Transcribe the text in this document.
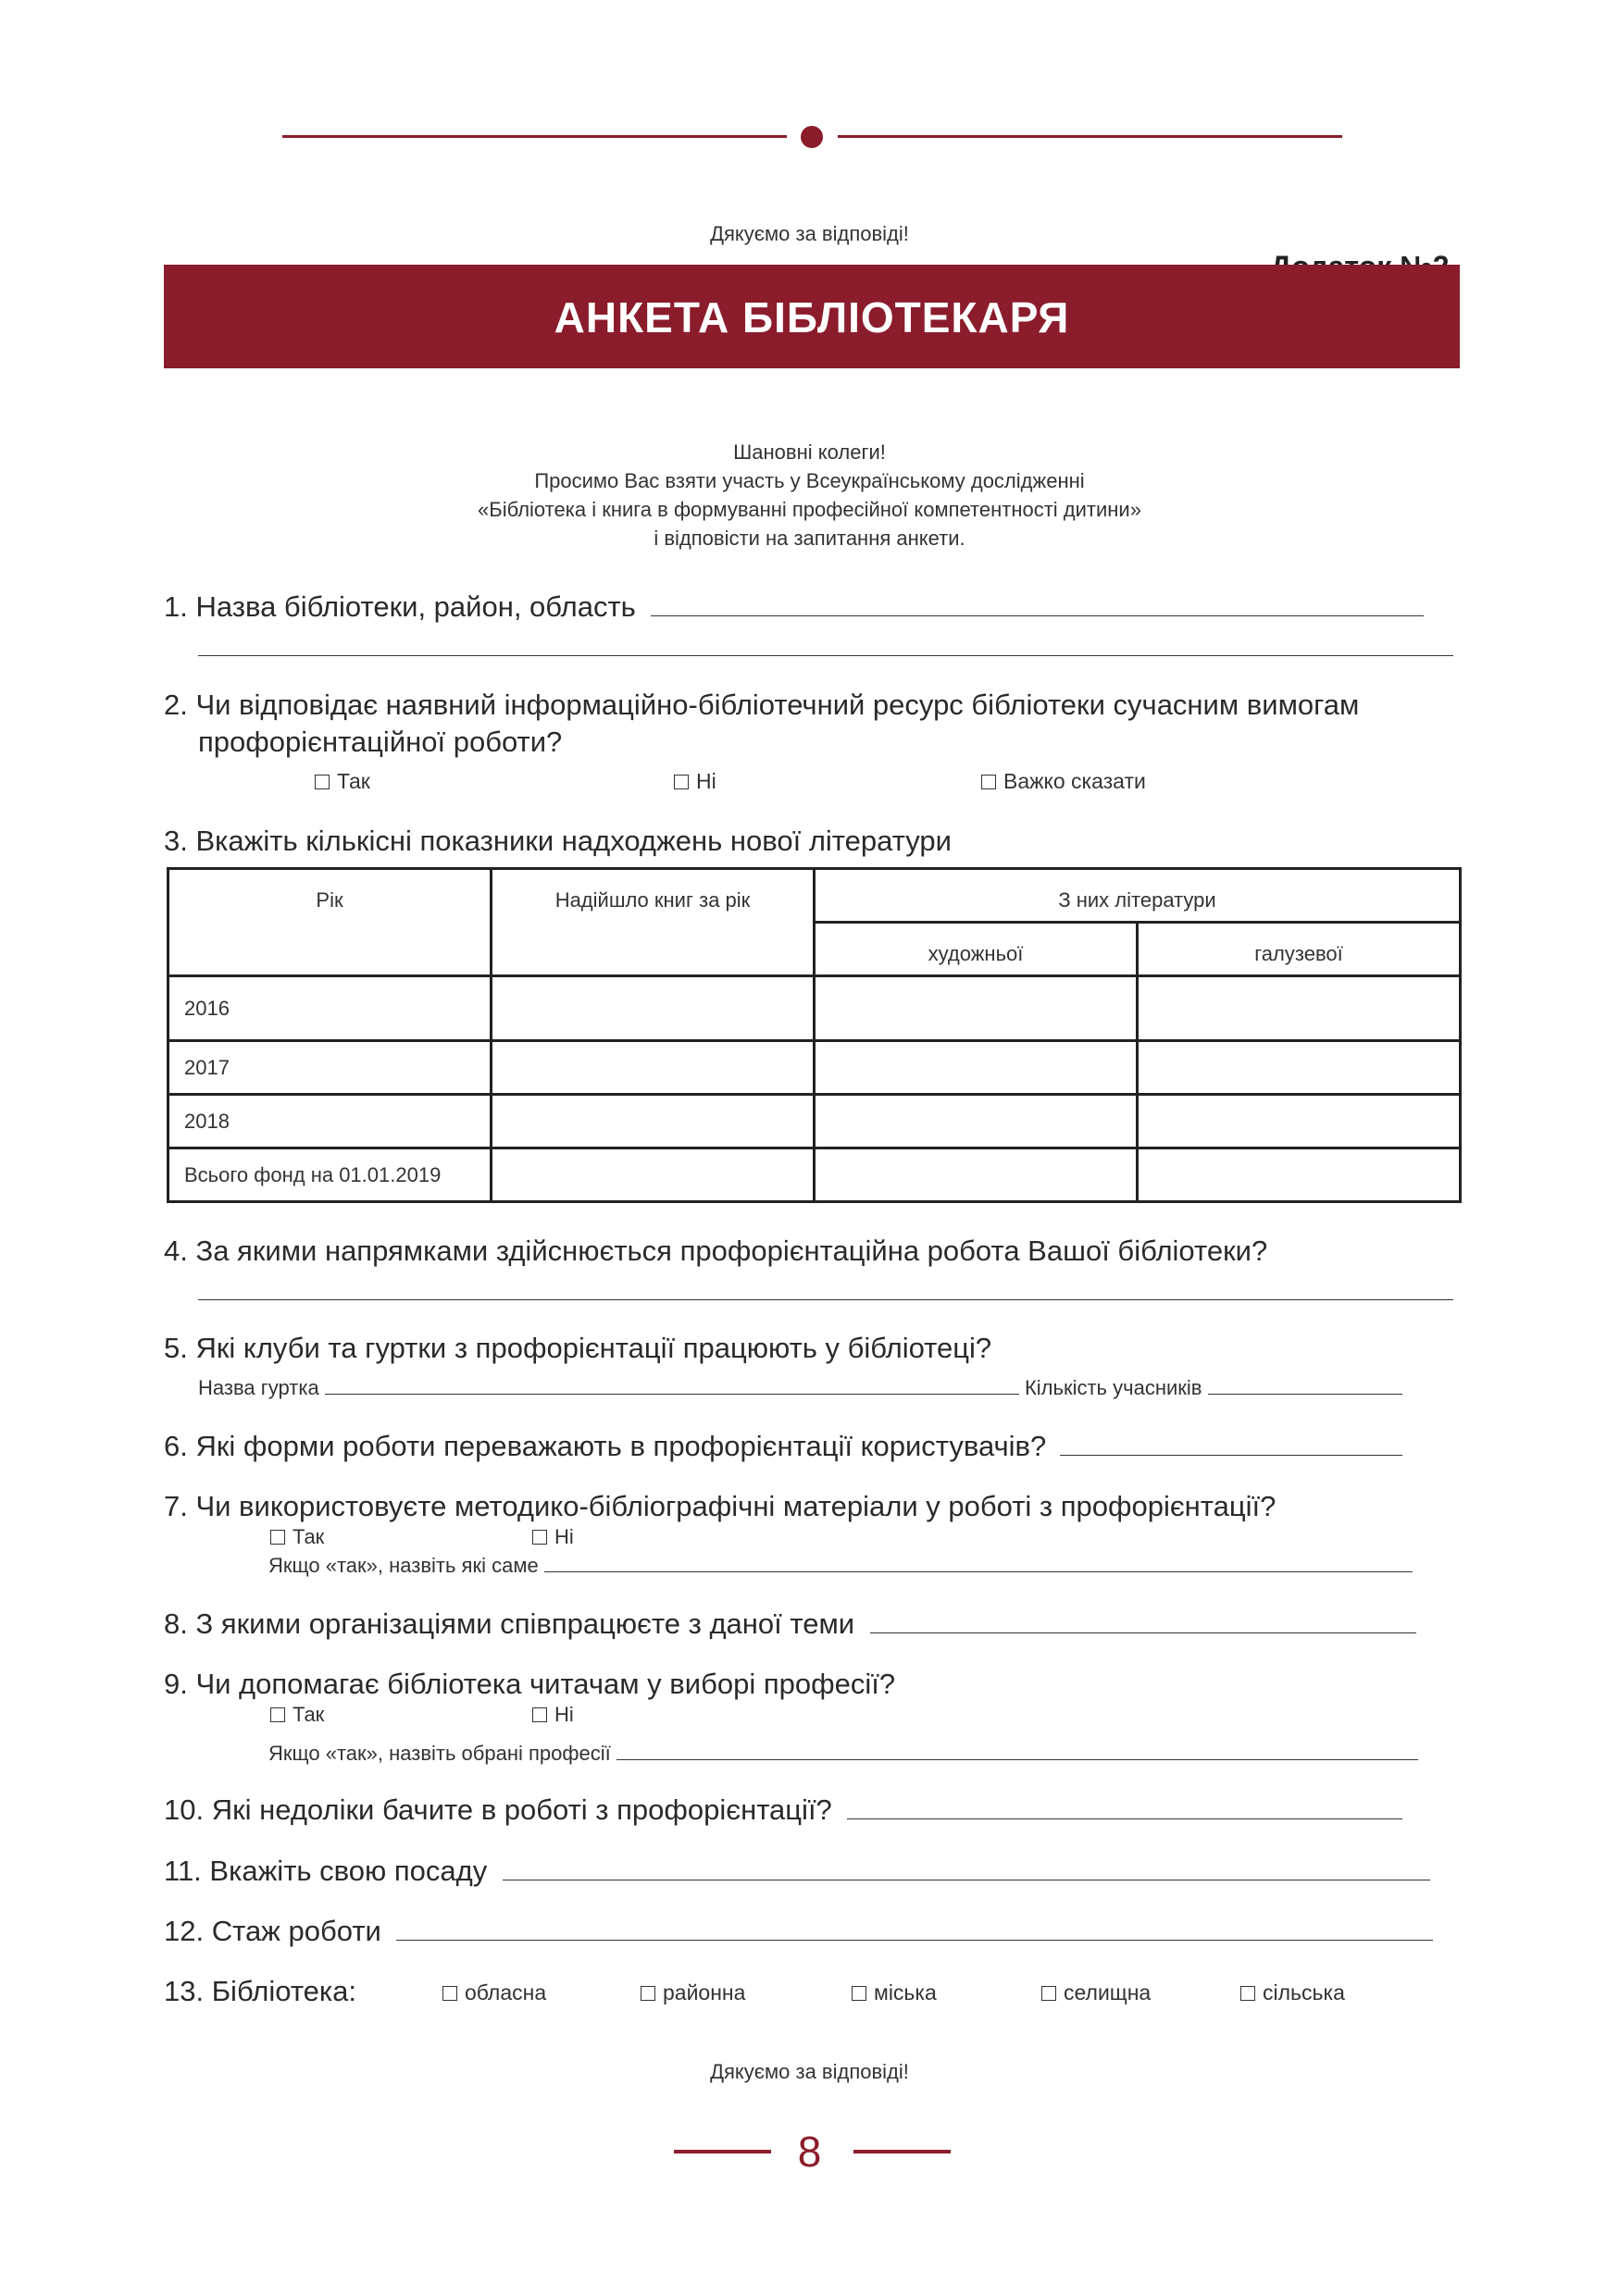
Дякуємо за відповіді!
АНКЕТА БІБЛІОТЕКАРЯ
Шановні колеги!
Просимо Вас взяти участь у Всеукраїнському дослідженні
«Бібліотека і книга в формуванні професійної компетентності дитини»
і відповісти на запитання анкети.
1. Назва бібліотеки, район, область
2. Чи відповідає наявний інформаційно-бібліотечний ресурс бібліотеки сучасним вимогам
профорієнтаційної роботи?
Так	Ні	Важко сказати
3. Вкажіть кількісні показники надходжень нової літератури
Рік	Надійшло книг за рік	З них літератури	
		художньої	галузевої
2016			
2017			
2018			
Всього фонд на 01.01.2019			
4. За якими напрямками здійснюється профорієнтаційна робота Вашої бібліотеки?
5. Які клуби та гуртки з профорієнтації працюють у бібліотеці?
Назва гуртка	Кількість учасників
6. Які форми роботи переважають в профорієнтації користувачів?
7. Чи використовуєте методико-бібліографічні матеріали у роботі з профорієнтації?
Так	Ні
Якщо «так», назвіть які саме
8. З якими організаціями співпрацюєте з даної теми
9. Чи допомагає бібліотека читачам у виборі професії?
Так	Ні
Якщо «так», назвіть обрані професії
10. Які недоліки бачите в роботі з профорієнтації?
11. Вкажіть свою посаду
12. Стаж роботи
13. Бібліотека:	обласна	районна	міська	селищна	сільська
Дякуємо за відповіді!
8
